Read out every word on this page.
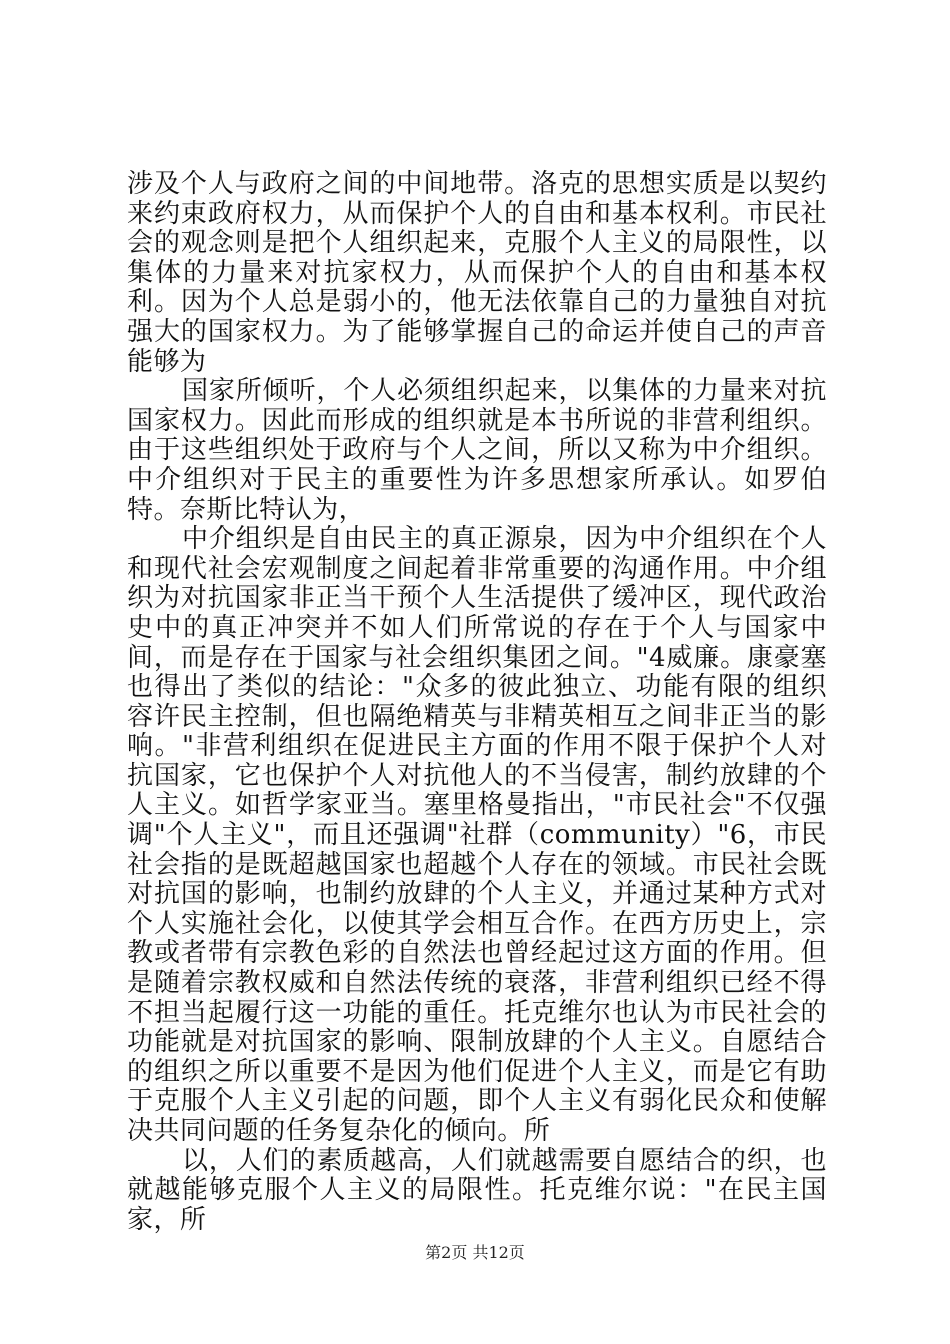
涉及个人与政府之间的中间地带。洛克的思想实质是以契约来约束政府权力，从而保护个人的自由和基本权利。市民社会的观念则是把个人组织起来，克服个人主义的局限性，以集体的力量来对抗家权力，从而保护个人的自由和基本权利。因为个人总是弱小的，他无法依靠自己的力量独自对抗强大的国家权力。为了能够掌握自己的命运并使自己的声音能够为

国家所倾听，个人必须组织起来，以集体的力量来对抗国家权力。因此而形成的组织就是本书所说的非营利组织。由于这些组织处于政府与个人之间，所以又称为中介组织。中介组织对于民主的重要性为许多思想家所承认。如罗伯特。奈斯比特认为，

中介组织是自由民主的真正源泉，因为中介组织在个人和现代社会宏观制度之间起着非常重要的沟通作用。中介组织为对抗国家非正当干预个人生活提供了缓冲区，现代政治史中的真正冲突并不如人们所常说的存在于个人与国家中间，而是存在于国家与社会组织集团之间。"4威廉。康豪塞也得出了类似的结论："众多的彼此独立、功能有限的组织容许民主控制，但也隔绝精英与非精英相互之间非正当的影响。"非营利组织在促进民主方面的作用不限于保护个人对抗国家，它也保护个人对抗他人的不当侵害，制约放肆的个人主义。如哲学家亚当。塞里格曼指出，"市民社会"不仅强调"个人主义"，而且还强调"社群（community）"6，市民社会指的是既超越国家也超越个人存在的领域。市民社会既对抗国的影响，也制约放肆的个人主义，并通过某种方式对个人实施社会化，以使其学会相互合作。在西方历史上，宗教或者带有宗教色彩的自然法也曾经起过这方面的作用。但是随着宗教权威和自然法传统的衰落，非营利组织已经不得不担当起履行这一功能的重任。托克维尔也认为市民社会的功能就是对抗国家的影响、限制放肆的个人主义。自愿结合的组织之所以重要不是因为他们促进个人主义，而是它有助于克服个人主义引起的问题，即个人主义有弱化民众和使解决共同问题的任务复杂化的倾向。所

以，人们的素质越高，人们就越需要自愿结合的织，也就越能够克服个人主义的局限性。托克维尔说："在民主国家，所

第2页 共12页
